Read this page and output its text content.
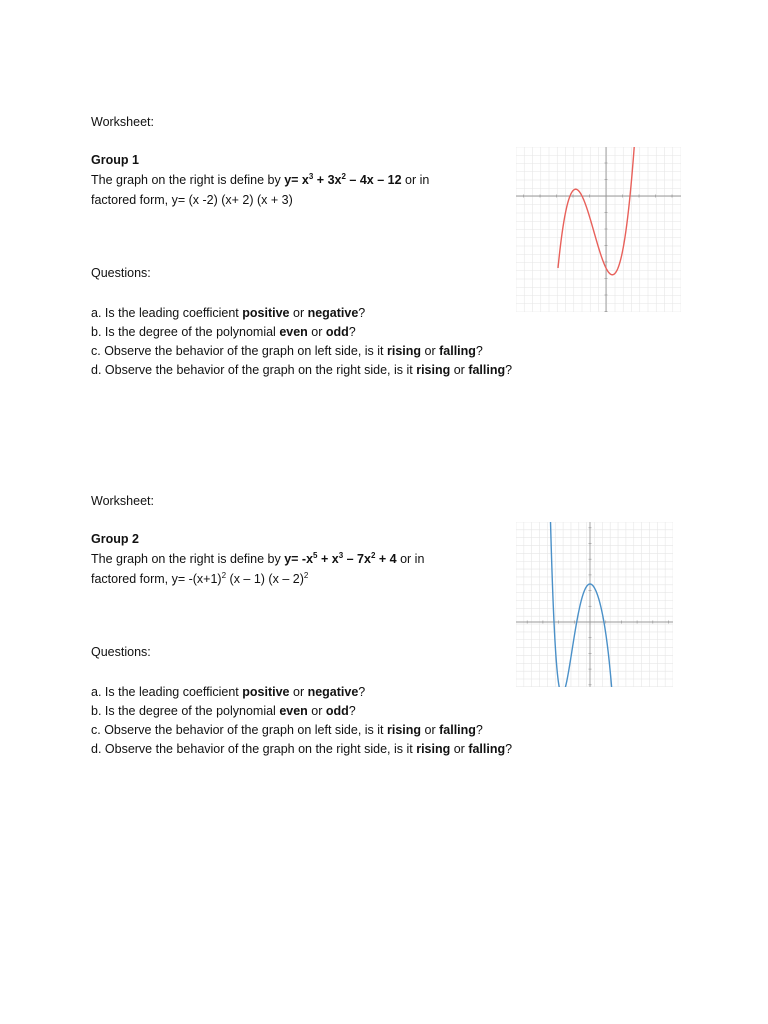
Worksheet:
Group 1
The graph on the right is define by $y= x^3 + 3x^2 - 4x - 12$ or in
factored form, y= (x -2) (x+ 2) (x + 3)
Questions:
a. Is the leading coefficient positive or negative?
b. Is the degree of the polynomial even or odd?
c. Observe the behavior of the graph on left side, is it rising or falling?
d. Observe the behavior of the graph on the right side, is it rising or falling?
Worksheet:
Group 2
The graph on the right is define by $y= -x^5 + x^3 - 7x^2 + 4$ or in
factored form, $y= -(x+1)^2$ (x – 1) (x – 2)$^2$
Questions:
a. Is the leading coefficient positive or negative?
b. Is the degree of the polynomial even or odd?
c. Observe the behavior of the graph on left side, is it rising or falling?
d. Observe the behavior of the graph on the right side, is it rising or falling?
